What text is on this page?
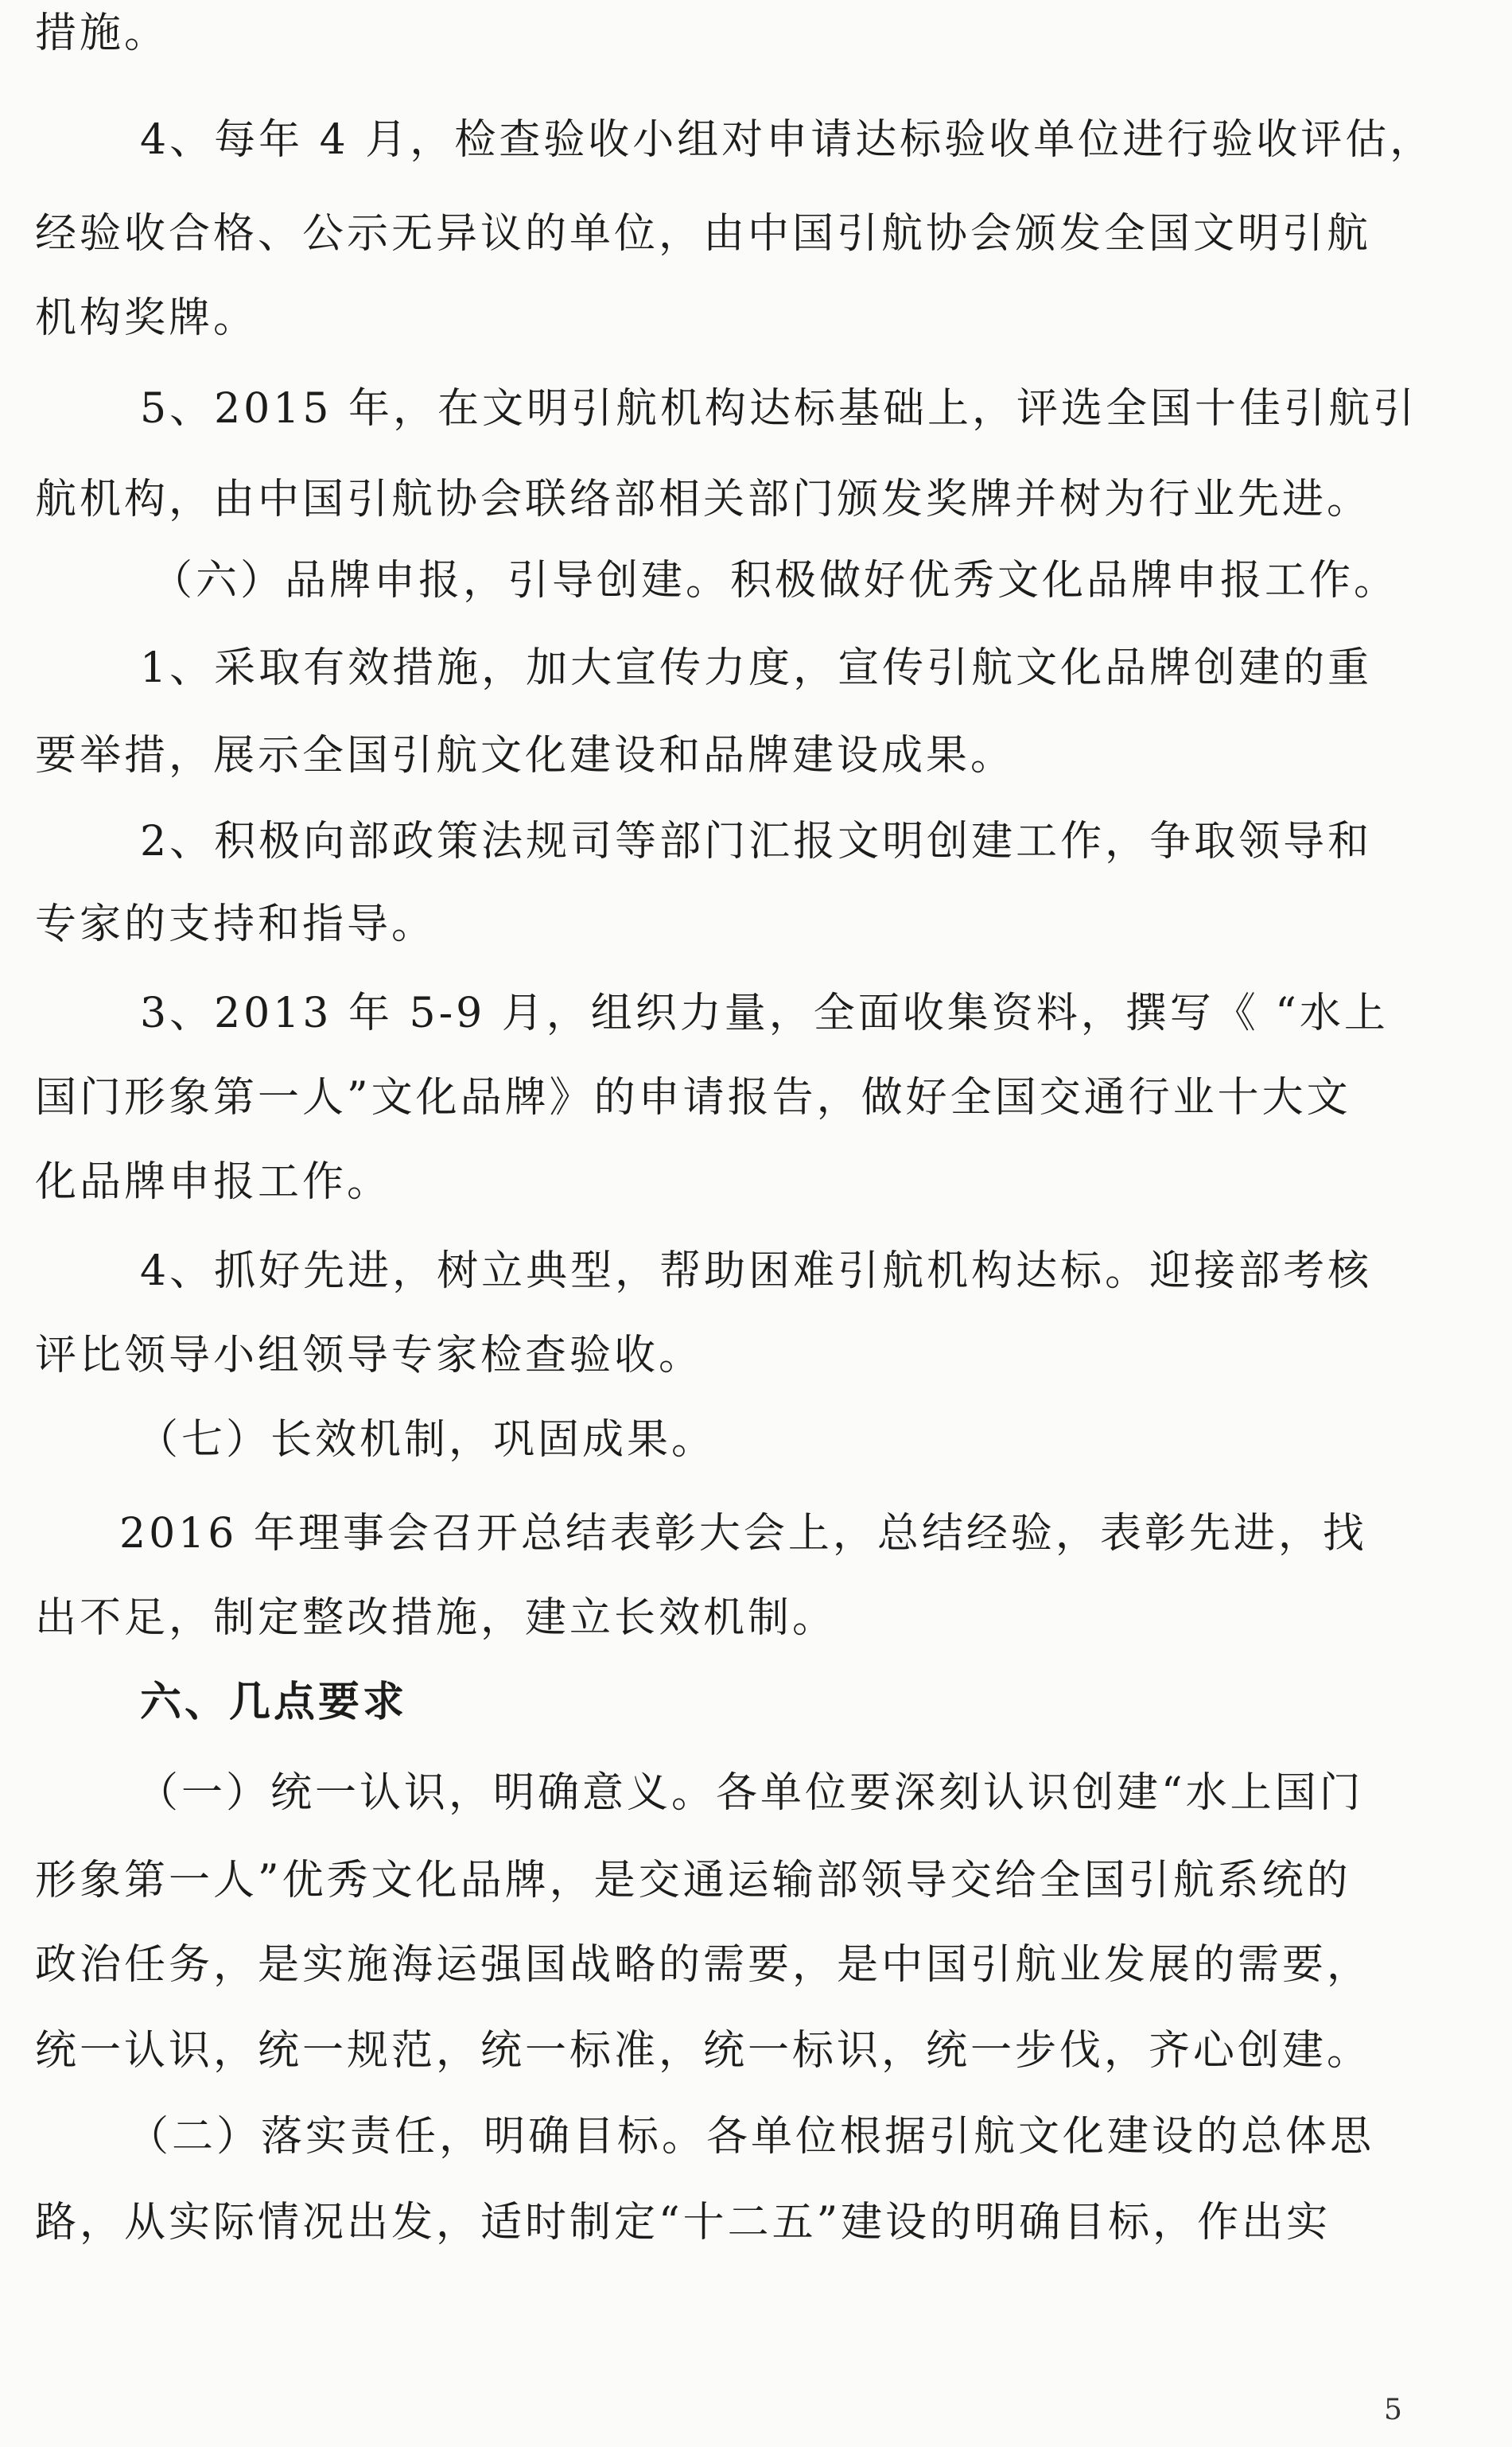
措施。
4、每年 4 月，检查验收小组对申请达标验收单位进行验收评估，
经验收合格、公示无异议的单位，由中国引航协会颁发全国文明引航
机构奖牌。
5、2015 年，在文明引航机构达标基础上，评选全国十佳引航引
航机构，由中国引航协会联络部相关部门颁发奖牌并树为行业先进。
（六）品牌申报，引导创建。积极做好优秀文化品牌申报工作。
1、采取有效措施，加大宣传力度，宣传引航文化品牌创建的重
要举措，展示全国引航文化建设和品牌建设成果。
2、积极向部政策法规司等部门汇报文明创建工作，争取领导和
专家的支持和指导。
3、2013 年 5-9 月，组织力量，全面收集资料，撰写《 “水上
国门形象第一人”文化品牌》的申请报告，做好全国交通行业十大文
化品牌申报工作。
4、抓好先进，树立典型，帮助困难引航机构达标。迎接部考核
评比领导小组领导专家检查验收。
（七）长效机制，巩固成果。
2016 年理事会召开总结表彰大会上，总结经验，表彰先进，找
出不足，制定整改措施，建立长效机制。
六、几点要求
（一）统一认识，明确意义。各单位要深刻认识创建“水上国门
形象第一人”优秀文化品牌，是交通运输部领导交给全国引航系统的
政治任务，是实施海运强国战略的需要，是中国引航业发展的需要，
统一认识，统一规范，统一标准，统一标识，统一步伐，齐心创建。
（二）落实责任，明确目标。各单位根据引航文化建设的总体思
路，从实际情况出发，适时制定“十二五”建设的明确目标，作出实
5
